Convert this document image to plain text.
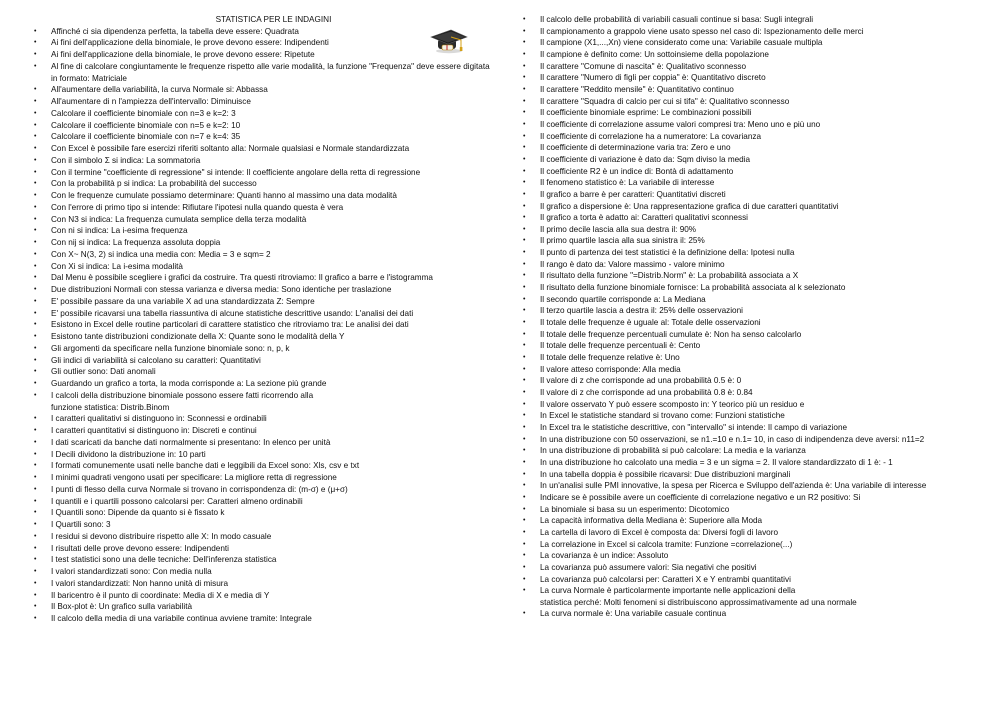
STATISTICA PER LE INDAGINI
• Affinché ci sia dipendenza perfetta, la tabella deve essere: Quadrata
• Ai fini dell'applicazione della binomiale, le prove devono essere: Indipendenti
• Ai fini dell'applicazione della binomiale, le prove devono essere: Ripetute
• Al fine di calcolare congiuntamente le frequenze rispetto alle varie modalità, la funzione "Frequenza" deve essere digitata in formato: Matriciale
• All'aumentare della variabilità, la curva Normale si: Abbassa
• All'aumentare di n l'ampiezza dell'intervallo: Diminuisce
• Calcolare il coefficiente binomiale con n=3 e k=2: 3
• Calcolare il coefficiente binomiale con n=5 e k=2: 10
• Calcolare il coefficiente binomiale con n=7 e k=4: 35
• Con Excel è possibile fare esercizi riferiti soltanto alla: Normale qualsiasi e Normale standardizzata
• Con il simbolo Σ si indica: La sommatoria
• Con il termine "coefficiente di regressione" si intende: Il coefficiente angolare della retta di regressione
• Con la probabilità p si indica: La probabilità del successo
• Con le frequenze cumulate possiamo determinare: Quanti hanno al massimo una data modalità
• Con l'errore di primo tipo si intende: Rifiutare l'ipotesi nulla quando questa è vera
• Con N3 si indica: La frequenza cumulata semplice della terza modalità
• Con ni si indica: La i-esima frequenza
• Con nij si indica: La frequenza assoluta doppia
• Con X~ N(3, 2) si indica una media con: Media = 3 e sqm= 2
• Con Xi si indica: La i-esima modalità
• Dal Menu è possibile scegliere i grafici da costruire. Tra questi ritroviamo: Il grafico a barre e l'istogramma
• Due distribuzioni Normali con stessa varianza e diversa media: Sono identiche per traslazione
• E' possibile passare da una variabile X ad una standardizzata Z: Sempre
• E' possibile ricavarsi una tabella riassuntiva di alcune statistiche descrittive usando: L'analisi dei dati
• Esistono in Excel delle routine particolari di carattere statistico che ritroviamo tra: Le analisi dei dati
• Esistono tante distribuzioni condizionate della X: Quante sono le modalità della Y
• Gli argomenti da specificare nella funzione binomiale sono: n, p, k
• Gli indici di variabilità si calcolano su caratteri: Quantitativi
• Gli outlier sono: Dati anomali
• Guardando un grafico a torta, la moda corrisponde a: La sezione più grande
• I calcoli della distribuzione binomiale possono essere fatti ricorrendo alla
funzione statistica: Distrib.Binom
• I caratteri qualitativi si distinguono in: Sconnessi e ordinabili
• I caratteri quantitativi si distinguono in: Discreti e continui
• I dati scaricati da banche dati normalmente si presentano: In elenco per unità
• I Decili dividono la distribuzione in: 10 parti
• I formati comunemente usati nelle banche dati e leggibili da Excel sono: Xls, csv e txt
• I minimi quadrati vengono usati per specificare: La migliore retta di regressione
• I punti di flesso della curva Normale si trovano in corrispondenza di: (m-σ) e (μ+σ)
• I quantili e i quartili possono calcolarsi per: Caratteri almeno ordinabili
• I Quantili sono: Dipende da quanto si è fissato k
• I Quartili sono: 3
• I residui si devono distribuire rispetto alle X: In modo casuale
• I risultati delle prove devono essere: Indipendenti
• I test statistici sono una delle tecniche: Dell'inferenza statistica
• I valori standardizzati sono: Con media nulla
• I valori standardizzati: Non hanno unità di misura
• Il baricentro è il punto di coordinate: Media di X e media di Y
• Il Box-plot è: Un grafico sulla variabilità
• Il calcolo della media di una variabile continua avviene tramite: Integrale
• Il calcolo delle probabilità di variabili casuali continue si basa: Sugli integrali
• Il campionamento a grappolo viene usato spesso nel caso di: Ispezionamento delle merci
• Il campione (X1,...,Xn) viene considerato come una: Variabile casuale multipla
• Il campione è definito come: Un sottoinsieme della popolazione
• Il carattere "Comune di nascita" è: Qualitativo sconnesso
• Il carattere "Numero di figli per coppia" è: Quantitativo discreto
• Il carattere "Reddito mensile" è: Quantitativo continuo
• Il carattere "Squadra di calcio per cui si tifa" è: Qualitativo sconnesso
• Il coefficiente binomiale esprime: Le combinazioni possibili
• Il coefficiente di correlazione assume valori compresi tra: Meno uno e più uno
• Il coefficiente di correlazione ha a numeratore: La covarianza
• Il coefficiente di determinazione varia tra: Zero e uno
• Il coefficiente di variazione è dato da: Sqm diviso la media
• Il coefficiente R2 è un indice di: Bontà di adattamento
• Il fenomeno statistico è: La variabile di interesse
• Il grafico a barre è per caratteri: Quantitativi discreti
• Il grafico a dispersione è: Una rappresentazione grafica di due caratteri quantitativi
• Il grafico a torta è adatto ai: Caratteri qualitativi sconnessi
• Il primo decile lascia alla sua destra il: 90%
• Il primo quartile lascia alla sua sinistra il: 25%
• Il punto di partenza dei test statistici è la definizione della: Ipotesi nulla
• Il rango è dato da: Valore massimo - valore minimo
• Il risultato della funzione "=Distrib.Norm" è: La probabilità associata a X
• Il risultato della funzione binomiale fornisce: La probabilità associata al k selezionato
• Il secondo quartile corrisponde a: La Mediana
• Il terzo quartile lascia a destra il: 25% delle osservazioni
• Il totale delle frequenze è uguale al: Totale delle osservazioni
• Il totale delle frequenze percentuali cumulate è: Non ha senso calcolarlo
• Il totale delle frequenze percentuali è: Cento
• Il totale delle frequenze relative è: Uno
• Il valore atteso corrisponde: Alla media
• Il valore di z che corrisponde ad una probabilità 0.5 è: 0
• Il valore di z che corrisponde ad una probabilità 0.8 è: 0.84
• Il valore osservato Y può essere scomposto in: Y teorico più un residuo e
• In Excel le statistiche standard si trovano come: Funzioni statistiche
• In Excel tra le statistiche descrittive, con "intervallo" si intende: Il campo di variazione
• In una distribuzione con 50 osservazioni, se n1.=10 e n.1= 10, in caso di indipendenza deve aversi: n11=2
• In una distribuzione di probabilità si può calcolare: La media e la varianza
• In una distribuzione ho calcolato una media = 3 e un sigma = 2. Il valore standardizzato di 1 è: - 1
• In una tabella doppia è possibile ricavarsi: Due distribuzioni marginali
• In un'analisi sulle PMI innovative, la spesa per Ricerca e Sviluppo dell'azienda è: Una variabile di interesse
• Indicare se è possibile avere un coefficiente di correlazione negativo e un R2 positivo: Si
• La binomiale si basa su un esperimento: Dicotomico
• La capacità informativa della Mediana è: Superiore alla Moda
• La cartella di lavoro di Excel è composta da: Diversi fogli di lavoro
• La correlazione in Excel si calcola tramite: Funzione =correlazione(...)
• La covarianza è un indice: Assoluto
• La covarianza può assumere valori: Sia negativi che positivi
• La covarianza può calcolarsi per: Caratteri X e Y entrambi quantitativi
• La curva Normale è particolarmente importante nelle applicazioni della
statistica perché: Molti fenomeni si distribuiscono approssimativamente ad una normale
• La curva normale è: Una variabile casuale continua
